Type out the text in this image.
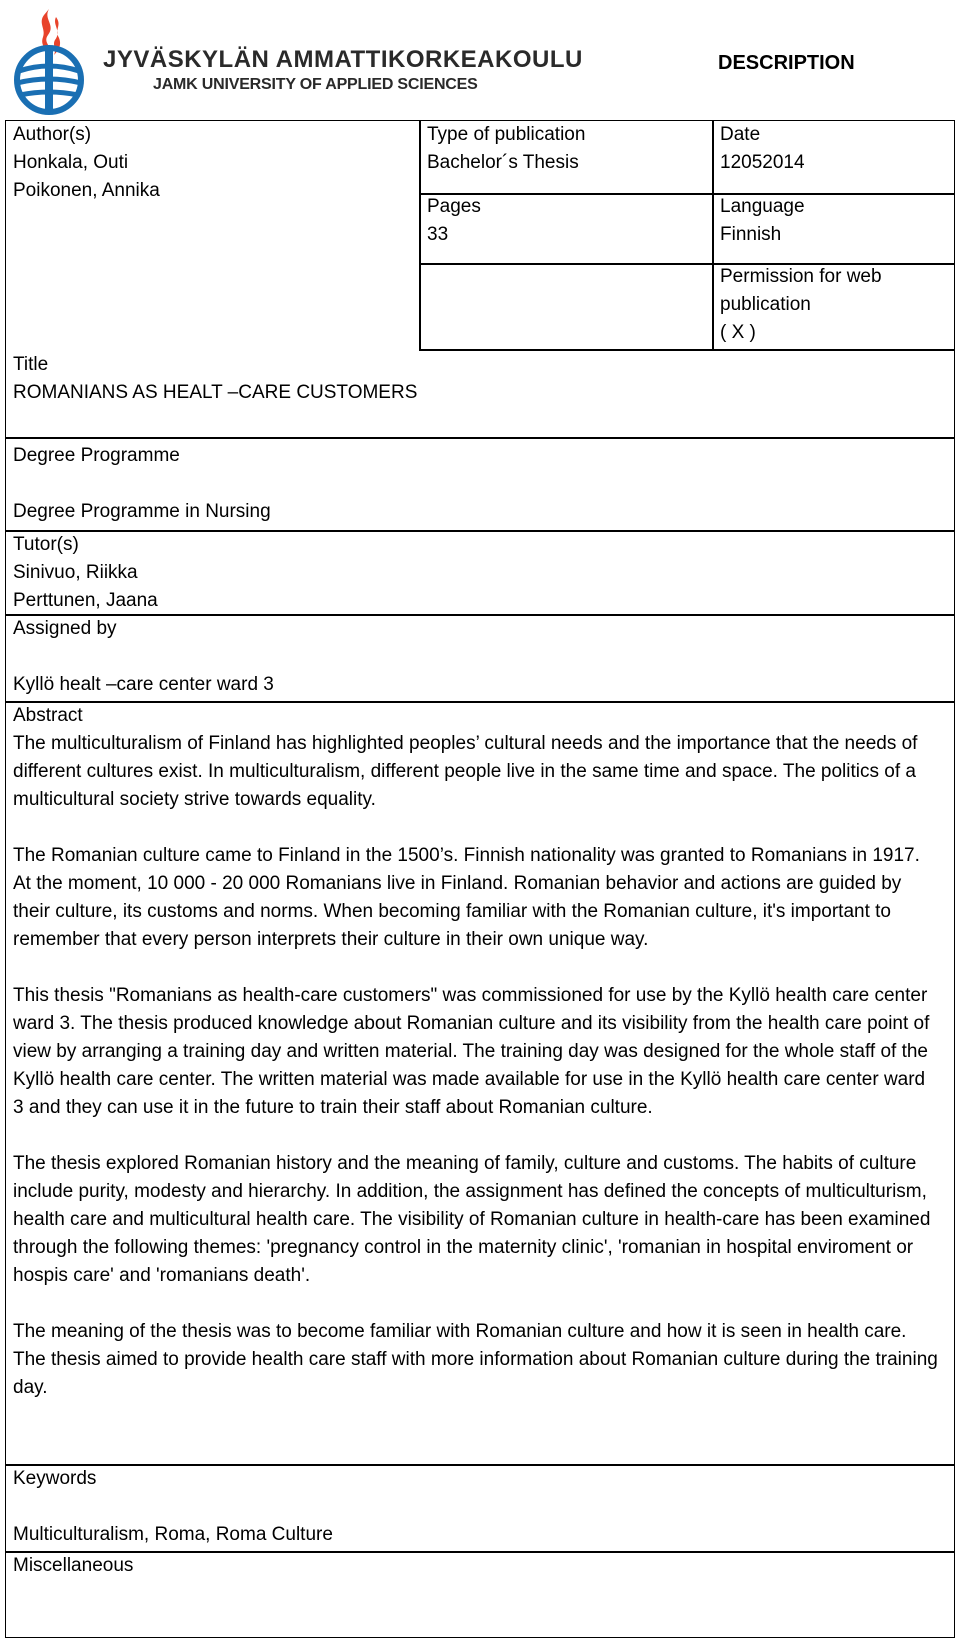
JYVÄSKYLÄN AMMATTIKORKEAKOULU
JAMK UNIVERSITY OF APPLIED SCIENCES
DESCRIPTION
Author(s)
Honkala, Outi
Poikonen, Annika
Type of publication
Bachelor´s Thesis
Date
12052014
Pages
33
Language
Finnish
Permission for web
publication
( X )
Title
ROMANIANS AS HEALT –CARE CUSTOMERS
Degree Programme
Degree Programme in Nursing
Tutor(s)
Sinivuo, Riikka
Perttunen, Jaana
Assigned by
Kyllö healt –care center ward 3
Abstract

The multiculturalism of Finland has highlighted peoples’ cultural needs and the importance that the needs of different cultures exist. In multiculturalism, different people live in the same time and space. The politics of a multicultural society strive towards equality.

The Romanian culture came to Finland in the 1500’s. Finnish nationality was granted to Romanians in 1917. At the moment, 10 000 - 20 000 Romanians live in Finland. Romanian behavior and actions are guided by their culture, its customs and norms. When becoming familiar with the Romanian culture, it's important to remember that every person interprets their culture in their own unique way.

This thesis "Romanians as health-care customers" was commissioned for use by the Kyllö health care center ward 3. The thesis produced knowledge about Romanian culture and its visibility from the health care point of view by arranging a training day and written material. The training day was designed for the whole staff of the Kyllö health care center. The written material was made available for use in the Kyllö health care center ward 3 and they can use it in the future to train their staff about Romanian culture.

The thesis explored Romanian history and the meaning of family, culture and customs. The habits of culture include purity, modesty and hierarchy. In addition, the assignment has defined the concepts of multiculturism, health care and multicultural health care. The visibility of Romanian culture in health-care has been examined through the following themes: 'pregnancy control in the maternity clinic', 'romanian in hospital enviroment or hospis care' and 'romanians death'.

The meaning of the thesis was to become familiar with Romanian culture and how it is seen in health care. The thesis aimed to provide health care staff with more information about Romanian culture during the training day.

Keywords
Multiculturalism, Roma, Roma Culture
Miscellaneous
